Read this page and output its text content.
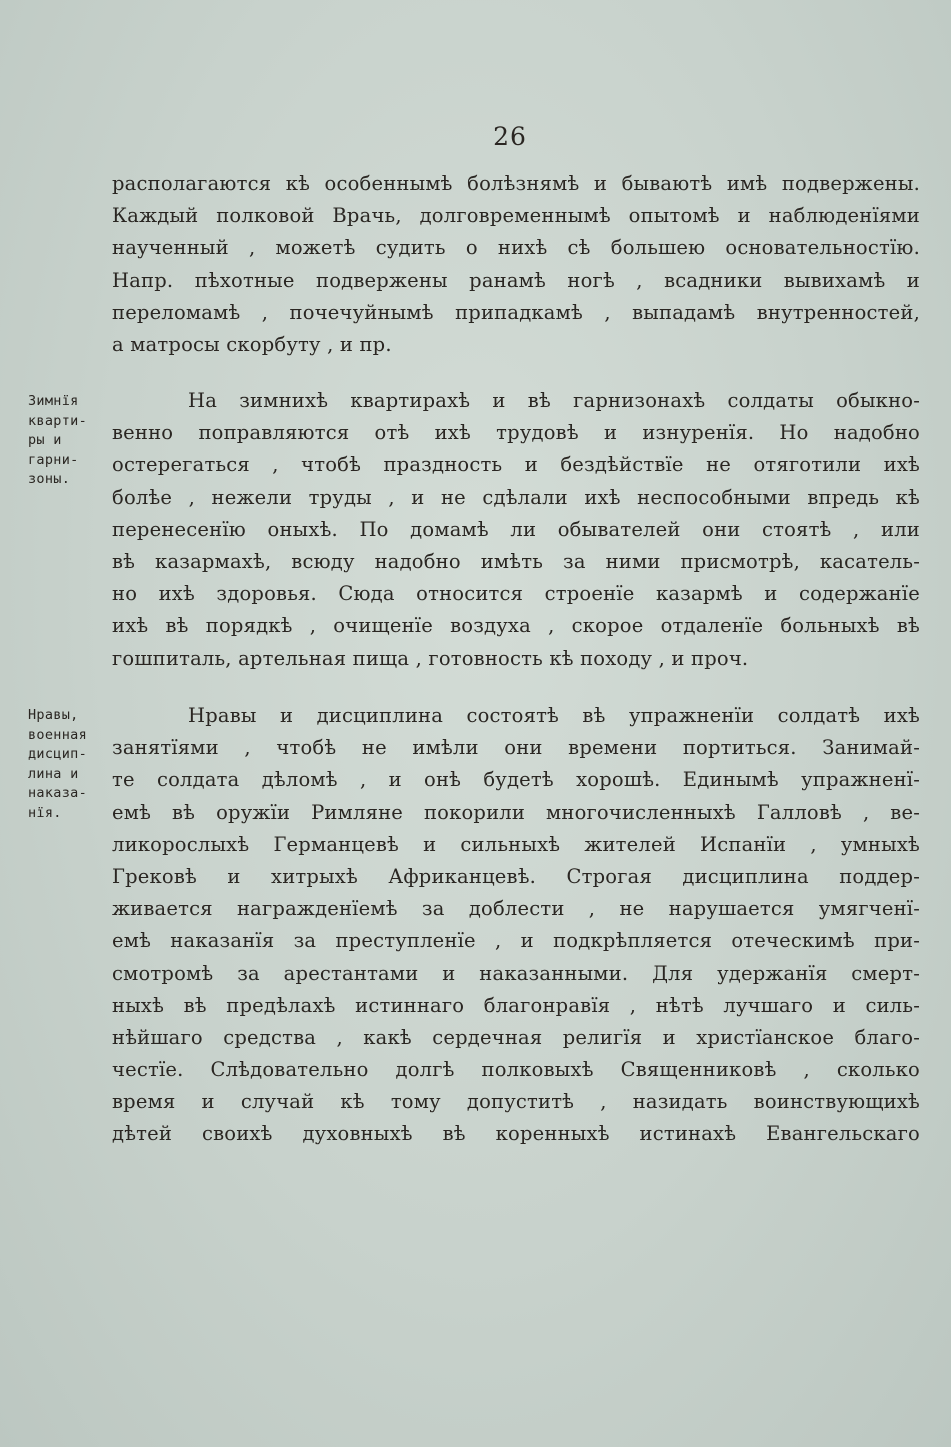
26
располагаются кѣ особеннымѣ болѣзнямѣ и бываютѣ имѣ подвержены.
Каждый полковой Врачь, долговременнымѣ опытомѣ и наблюденїями
наученный , можетѣ судить о нихѣ сѣ большею основательностїю.
Напр. пѣхотные подвержены ранамѣ ногѣ , всадники вывихамѣ и
переломамѣ , почечуйнымѣ припадкамѣ , выпадамѣ внутренностей,
а матросы скорбуту , и пр.
Зимнїя
кварти-
ры и
гарни-
зоны.
На зимнихѣ квартирахѣ и вѣ гарнизонахѣ солдаты обыкно-
венно поправляются отѣ ихѣ трудовѣ и изнуренїя. Но надобно
остерегаться , чтобѣ праздность и бездѣйствїе не отяготили ихѣ
болѣе , нежели труды , и не сдѣлали ихѣ неспособными впредь кѣ
перенесенїю оныхѣ. По домамѣ ли обывателей они стоятѣ , или
вѣ казармахѣ, всюду надобно имѣть за ними присмотрѣ, касатель-
но ихѣ здоровья. Сюда относится строенїе казармѣ и содержанїе
ихѣ вѣ порядкѣ , очищенїе воздуха , скорое отдаленїе больныхѣ вѣ
гошпиталь, артельная пища , готовность кѣ походу , и проч.
Нравы,
военная
дисцип-
лина и
наказа-
нїя.
Нравы и дисциплина состоятѣ вѣ упражненїи солдатѣ ихѣ
занятїями , чтобѣ не имѣли они времени портиться. Занимай-
те солдата дѣломѣ , и онѣ будетѣ хорошѣ. Единымѣ упражненї-
емѣ вѣ оружїи Римляне покорили многочисленныхѣ Галловѣ , ве-
ликорослыхѣ Германцевѣ и сильныхѣ жителей Испанїи , умныхѣ
Грековѣ и хитрыхѣ Африканцевѣ. Строгая дисциплина поддер-
живается награжденїемѣ за доблести , не нарушается умягченї-
емѣ наказанїя за преступленїе , и подкрѣпляется отеческимѣ при-
смотромѣ за арестантами и наказанными. Для удержанїя смерт-
ныхѣ вѣ предѣлахѣ истиннаго благонравїя , нѣтѣ лучшаго и силь-
нѣйшаго средства , какѣ сердечная религїя и христїанское благо-
честїе. Слѣдовательно долгѣ полковыхѣ Священниковѣ , сколько
время и случай кѣ тому допуститѣ , назидать воинствующихѣ
дѣтей своихѣ духовныхѣ вѣ коренныхѣ истинахѣ Евангельскаго
